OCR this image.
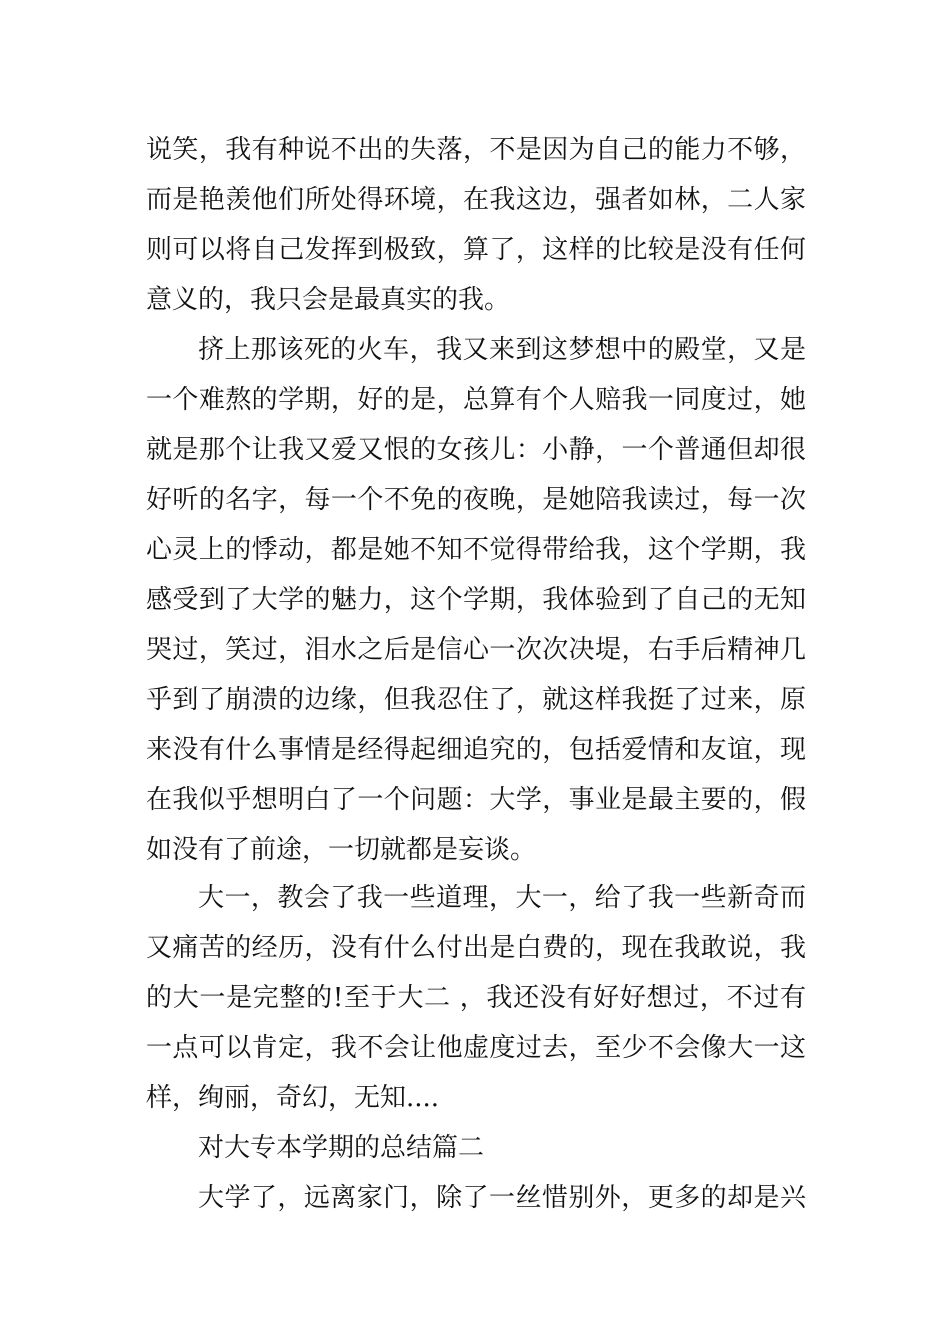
说笑，我有种说不出的失落，不是因为自己的能力不够，
而是艳羡他们所处得环境，在我这边，强者如林，二人家
则可以将自己发挥到极致，算了，这样的比较是没有任何
意义的，我只会是最真实的我。
挤上那该死的火车，我又来到这梦想中的殿堂，又是
一个难熬的学期，好的是，总算有个人赔我一同度过，她
就是那个让我又爱又恨的女孩儿：小静，一个普通但却很
好听的名字，每一个不免的夜晚，是她陪我读过，每一次
心灵上的悸动，都是她不知不觉得带给我，这个学期，我
感受到了大学的魅力，这个学期，我体验到了自己的无知
哭过，笑过，泪水之后是信心一次次决堤，右手后精神几
乎到了崩溃的边缘，但我忍住了，就这样我挺了过来，原
来没有什么事情是经得起细追究的，包括爱情和友谊，现
在我似乎想明白了一个问题：大学，事业是最主要的，假
如没有了前途，一切就都是妄谈。
大一，教会了我一些道理，大一，给了我一些新奇而
又痛苦的经历，没有什么付出是白费的，现在我敢说，我
的大一是完整的!至于大二 ，我还没有好好想过，不过有
一点可以肯定，我不会让他虚度过去，至少不会像大一这
样，绚丽，奇幻，无知....
对大专本学期的总结篇二
大学了，远离家门，除了一丝惜别外，更多的却是兴
